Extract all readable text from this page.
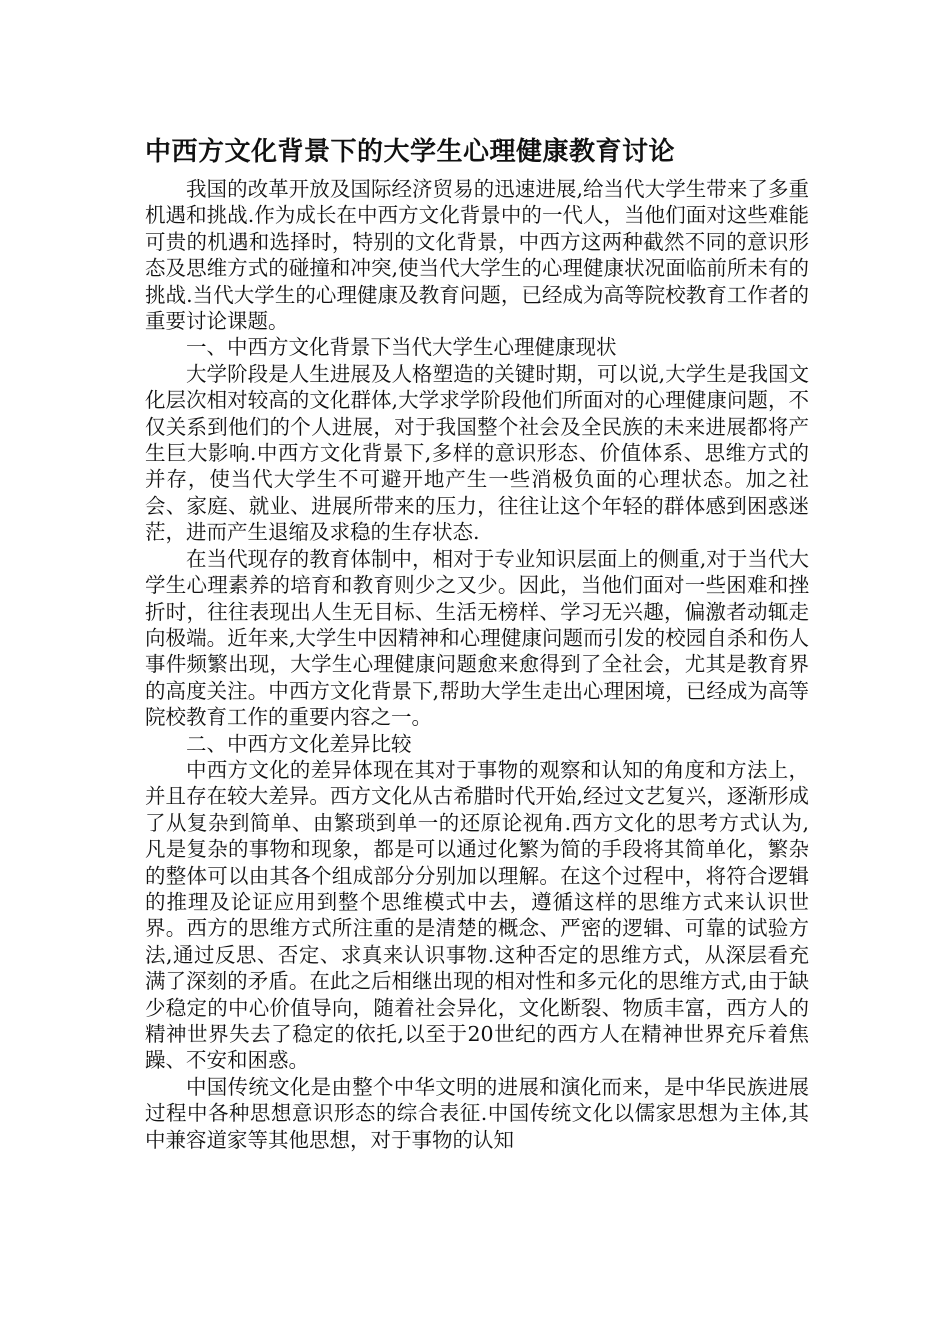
中西方文化背景下的大学生心理健康教育讨论

我国的改革开放及国际经济贸易的迅速进展,给当代大学生带来了多重机遇和挑战.作为成长在中西方文化背景中的一代人，当他们面对这些难能可贵的机遇和选择时，特别的文化背景，中西方这两种截然不同的意识形态及思维方式的碰撞和冲突,使当代大学生的心理健康状况面临前所未有的挑战.当代大学生的心理健康及教育问题，已经成为高等院校教育工作者的重要讨论课题。

一、中西方文化背景下当代大学生心理健康现状

大学阶段是人生进展及人格塑造的关键时期，可以说,大学生是我国文化层次相对较高的文化群体,大学求学阶段他们所面对的心理健康问题，不仅关系到他们的个人进展，对于我国整个社会及全民族的未来进展都将产生巨大影响.中西方文化背景下,多样的意识形态、价值体系、思维方式的并存，使当代大学生不可避开地产生一些消极负面的心理状态。加之社会、家庭、就业、进展所带来的压力，往往让这个年轻的群体感到困惑迷茫，进而产生退缩及求稳的生存状态.

在当代现存的教育体制中，相对于专业知识层面上的侧重,对于当代大学生心理素养的培育和教育则少之又少。因此，当他们面对一些困难和挫折时，往往表现出人生无目标、生活无榜样、学习无兴趣，偏激者动辄走向极端。近年来,大学生中因精神和心理健康问题而引发的校园自杀和伤人事件频繁出现，大学生心理健康问题愈来愈得到了全社会，尤其是教育界的高度关注。中西方文化背景下,帮助大学生走出心理困境，已经成为高等院校教育工作的重要内容之一。

二、中西方文化差异比较

中西方文化的差异体现在其对于事物的观察和认知的角度和方法上，并且存在较大差异。西方文化从古希腊时代开始,经过文艺复兴，逐渐形成了从复杂到简单、由繁琐到单一的还原论视角.西方文化的思考方式认为,凡是复杂的事物和现象，都是可以通过化繁为简的手段将其简单化，繁杂的整体可以由其各个组成部分分别加以理解。在这个过程中，将符合逻辑的推理及论证应用到整个思维模式中去，遵循这样的思维方式来认识世界。西方的思维方式所注重的是清楚的概念、严密的逻辑、可靠的试验方法,通过反思、否定、求真来认识事物.这种否定的思维方式，从深层看充满了深刻的矛盾。在此之后相继出现的相对性和多元化的思维方式,由于缺少稳定的中心价值导向，随着社会异化，文化断裂、物质丰富，西方人的精神世界失去了稳定的依托,以至于20世纪的西方人在精神世界充斥着焦躁、不安和困惑。

中国传统文化是由整个中华文明的进展和演化而来，是中华民族进展过程中各种思想意识形态的综合表征.中国传统文化以儒家思想为主体,其中兼容道家等其他思想，对于事物的认知
